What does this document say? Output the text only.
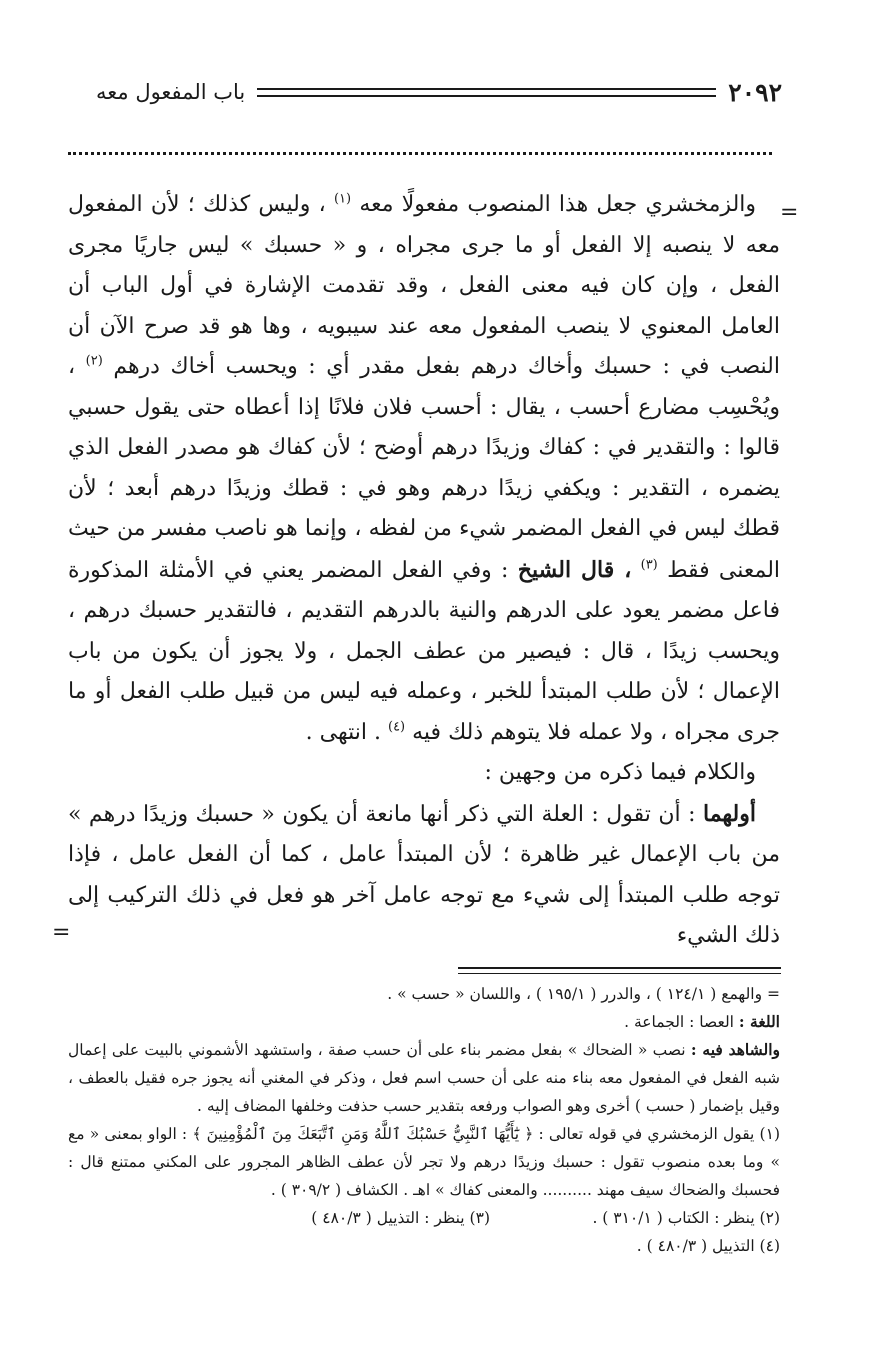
٢٠٩٢
باب المفعول معه
=

والزمخشري جعل هذا المنصوب مفعولًا معه $^{(١)}$ ، وليس كذلك ؛ لأن المفعول معه لا ينصبه إلا الفعل أو ما جرى مجراه ، و « حسبك » ليس جاريًا مجرى الفعل ، وإن كان فيه معنى الفعل ، وقد تقدمت الإشارة في أول الباب أن العامل المعنوي لا ينصب المفعول معه عند سيبويه ، وها هو قد صرح الآن أن النصب في : حسبك وأخاك درهم بفعل مقدر أي : ويحسب أخاك درهم $^{(٢)}$ ، ويُحْسِب مضارع أحسب ، يقال : أحسب فلان فلانًا إذا أعطاه حتى يقول حسبي قالوا : والتقدير في : كفاك وزيدًا درهم أوضح ؛ لأن كفاك هو مصدر الفعل الذي يضمره ، التقدير : ويكفي زيدًا درهم وهو في : قطك وزيدًا درهم أبعد ؛ لأن قطك ليس في الفعل المضمر شيء من لفظه ، وإنما هو ناصب مفسر من حيث المعنى فقط $^{(٣)}$ ، قال الشيخ : وفي الفعل المضمر يعني في الأمثلة المذكورة فاعل مضمر يعود على الدرهم والنية بالدرهم التقديم ، فالتقدير حسبك درهم ، ويحسب زيدًا ، قال : فيصير من عطف الجمل ، ولا يجوز أن يكون من باب الإعمال ؛ لأن طلب المبتدأ للخبر ، وعمله فيه ليس من قبيل طلب الفعل أو ما جرى مجراه ، ولا عمله فلا يتوهم ذلك فيه $^{(٤)}$ . انتهى .

والكلام فيما ذكره من وجهين :

أولهما : أن تقول : العلة التي ذكر أنها مانعة أن يكون « حسبك وزيدًا درهم » من باب الإعمال غير ظاهرة ؛ لأن المبتدأ عامل ، كما أن الفعل عامل ، فإذا توجه طلب المبتدأ إلى شيء مع توجه عامل آخر هو فعل في ذلك التركيب إلى ذلك الشيء

=

= والهمع ( ١٢٤/١ ) ، والدرر ( ١٩٥/١ ) ، واللسان « حسب » .

اللغة : العصا : الجماعة .

والشاهد فيه : نصب « الضحاك » بفعل مضمر بناء على أن حسب صفة ، واستشهد الأشموني بالبيت على إعمال شبه الفعل في المفعول معه بناء منه على أن حسب اسم فعل ، وذكر في المغني أنه يجوز جره فقيل بالعطف ، وقيل بإضمار ( حسب ) أخرى وهو الصواب ورفعه بتقدير حسب حذفت وخلفها المضاف إليه .

(١) يقول الزمخشري في قوله تعالى : ﴿ يَٰٓأَيُّهَا ٱلنَّبِيُّ حَسْبُكَ ٱللَّهُ وَمَنِ ٱتَّبَعَكَ مِنَ ٱلْمُؤْمِنِينَ ﴾ : الواو بمعنى « مع » وما بعده منصوب تقول : حسبك وزيدًا درهم ولا تجر لأن عطف الظاهر المجرور على المكني ممتنع قال : فحسبك والضحاك سيف مهند .......... والمعنى كفاك » اهـ . الكشاف ( ٣٠٩/٢ ) .

(٢) ينظر : الكتاب ( ٣١٠/١ ) .
(٣) ينظر : التذييل ( ٤٨٠/٣ )

(٤) التذييل ( ٤٨٠/٣ ) .
